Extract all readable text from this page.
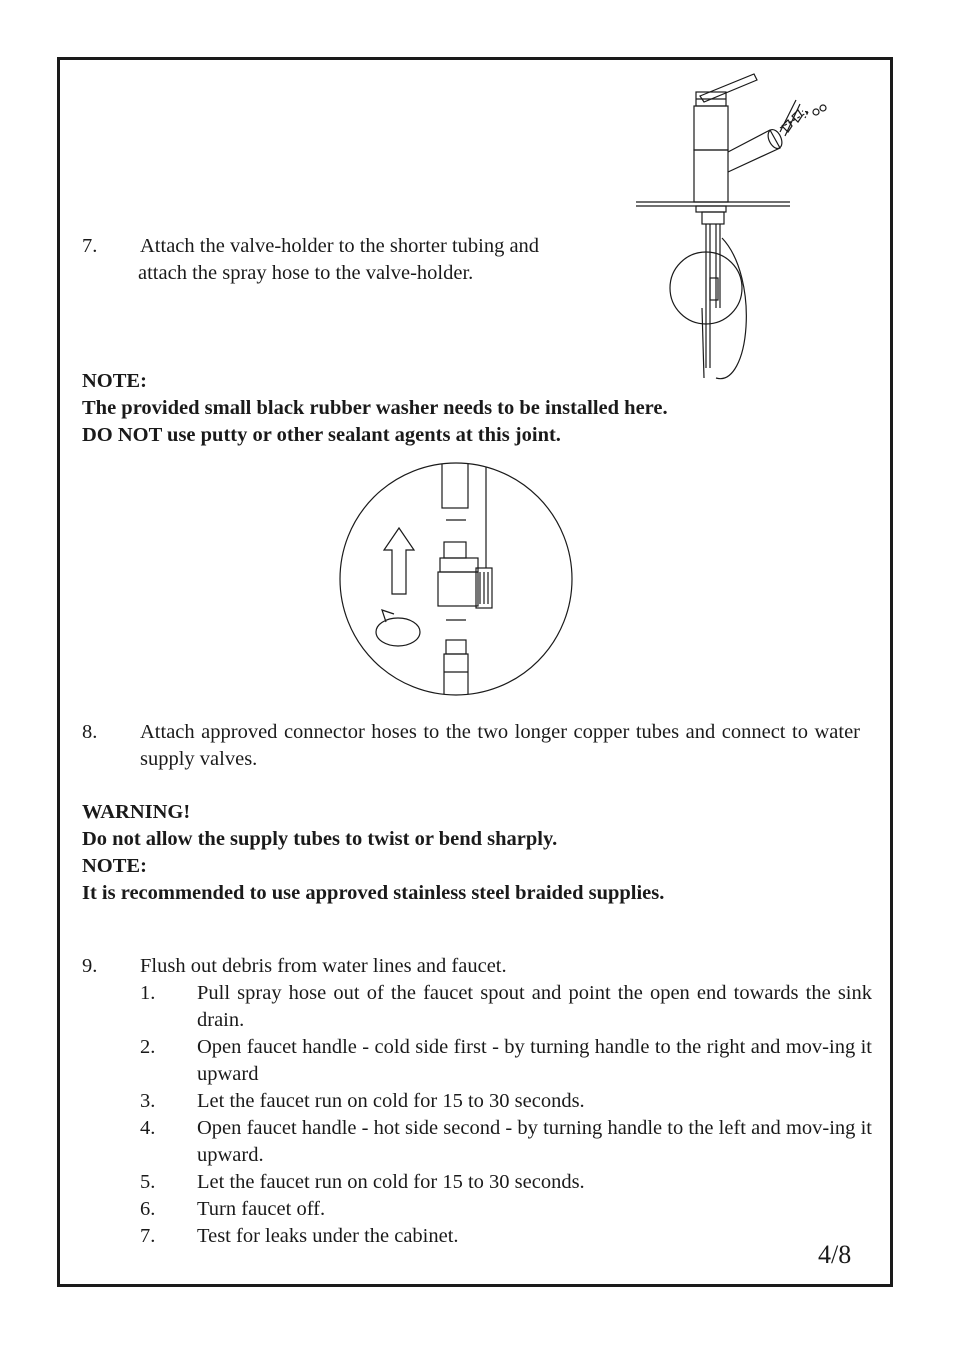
7. Attach the valve-holder to the shorter tubing and
attach the spray hose to the valve-holder.
NOTE:
The provided small black rubber washer needs to be installed here.
DO NOT use putty or other sealant agents at this joint.
8. Attach approved connector hoses to the two longer copper tubes and connect to water supply valves.
WARNING!
Do not allow the supply tubes to twist or bend sharply.
NOTE:
It is recommended to use approved stainless steel braided supplies.
9. Flush out debris from water lines and faucet.
1. Pull spray hose out of the faucet spout and point the open end towards the sink drain.
2. Open faucet handle - cold side first - by turning handle to the right and mov-ing it upward
3. Let the faucet run on cold for 15 to 30 seconds.
4. Open faucet handle - hot side second - by turning handle to the left and mov-ing it upward.
5. Let the faucet run on cold for 15 to 30 seconds.
6. Turn faucet off.
7. Test for leaks under the cabinet.
4/8
